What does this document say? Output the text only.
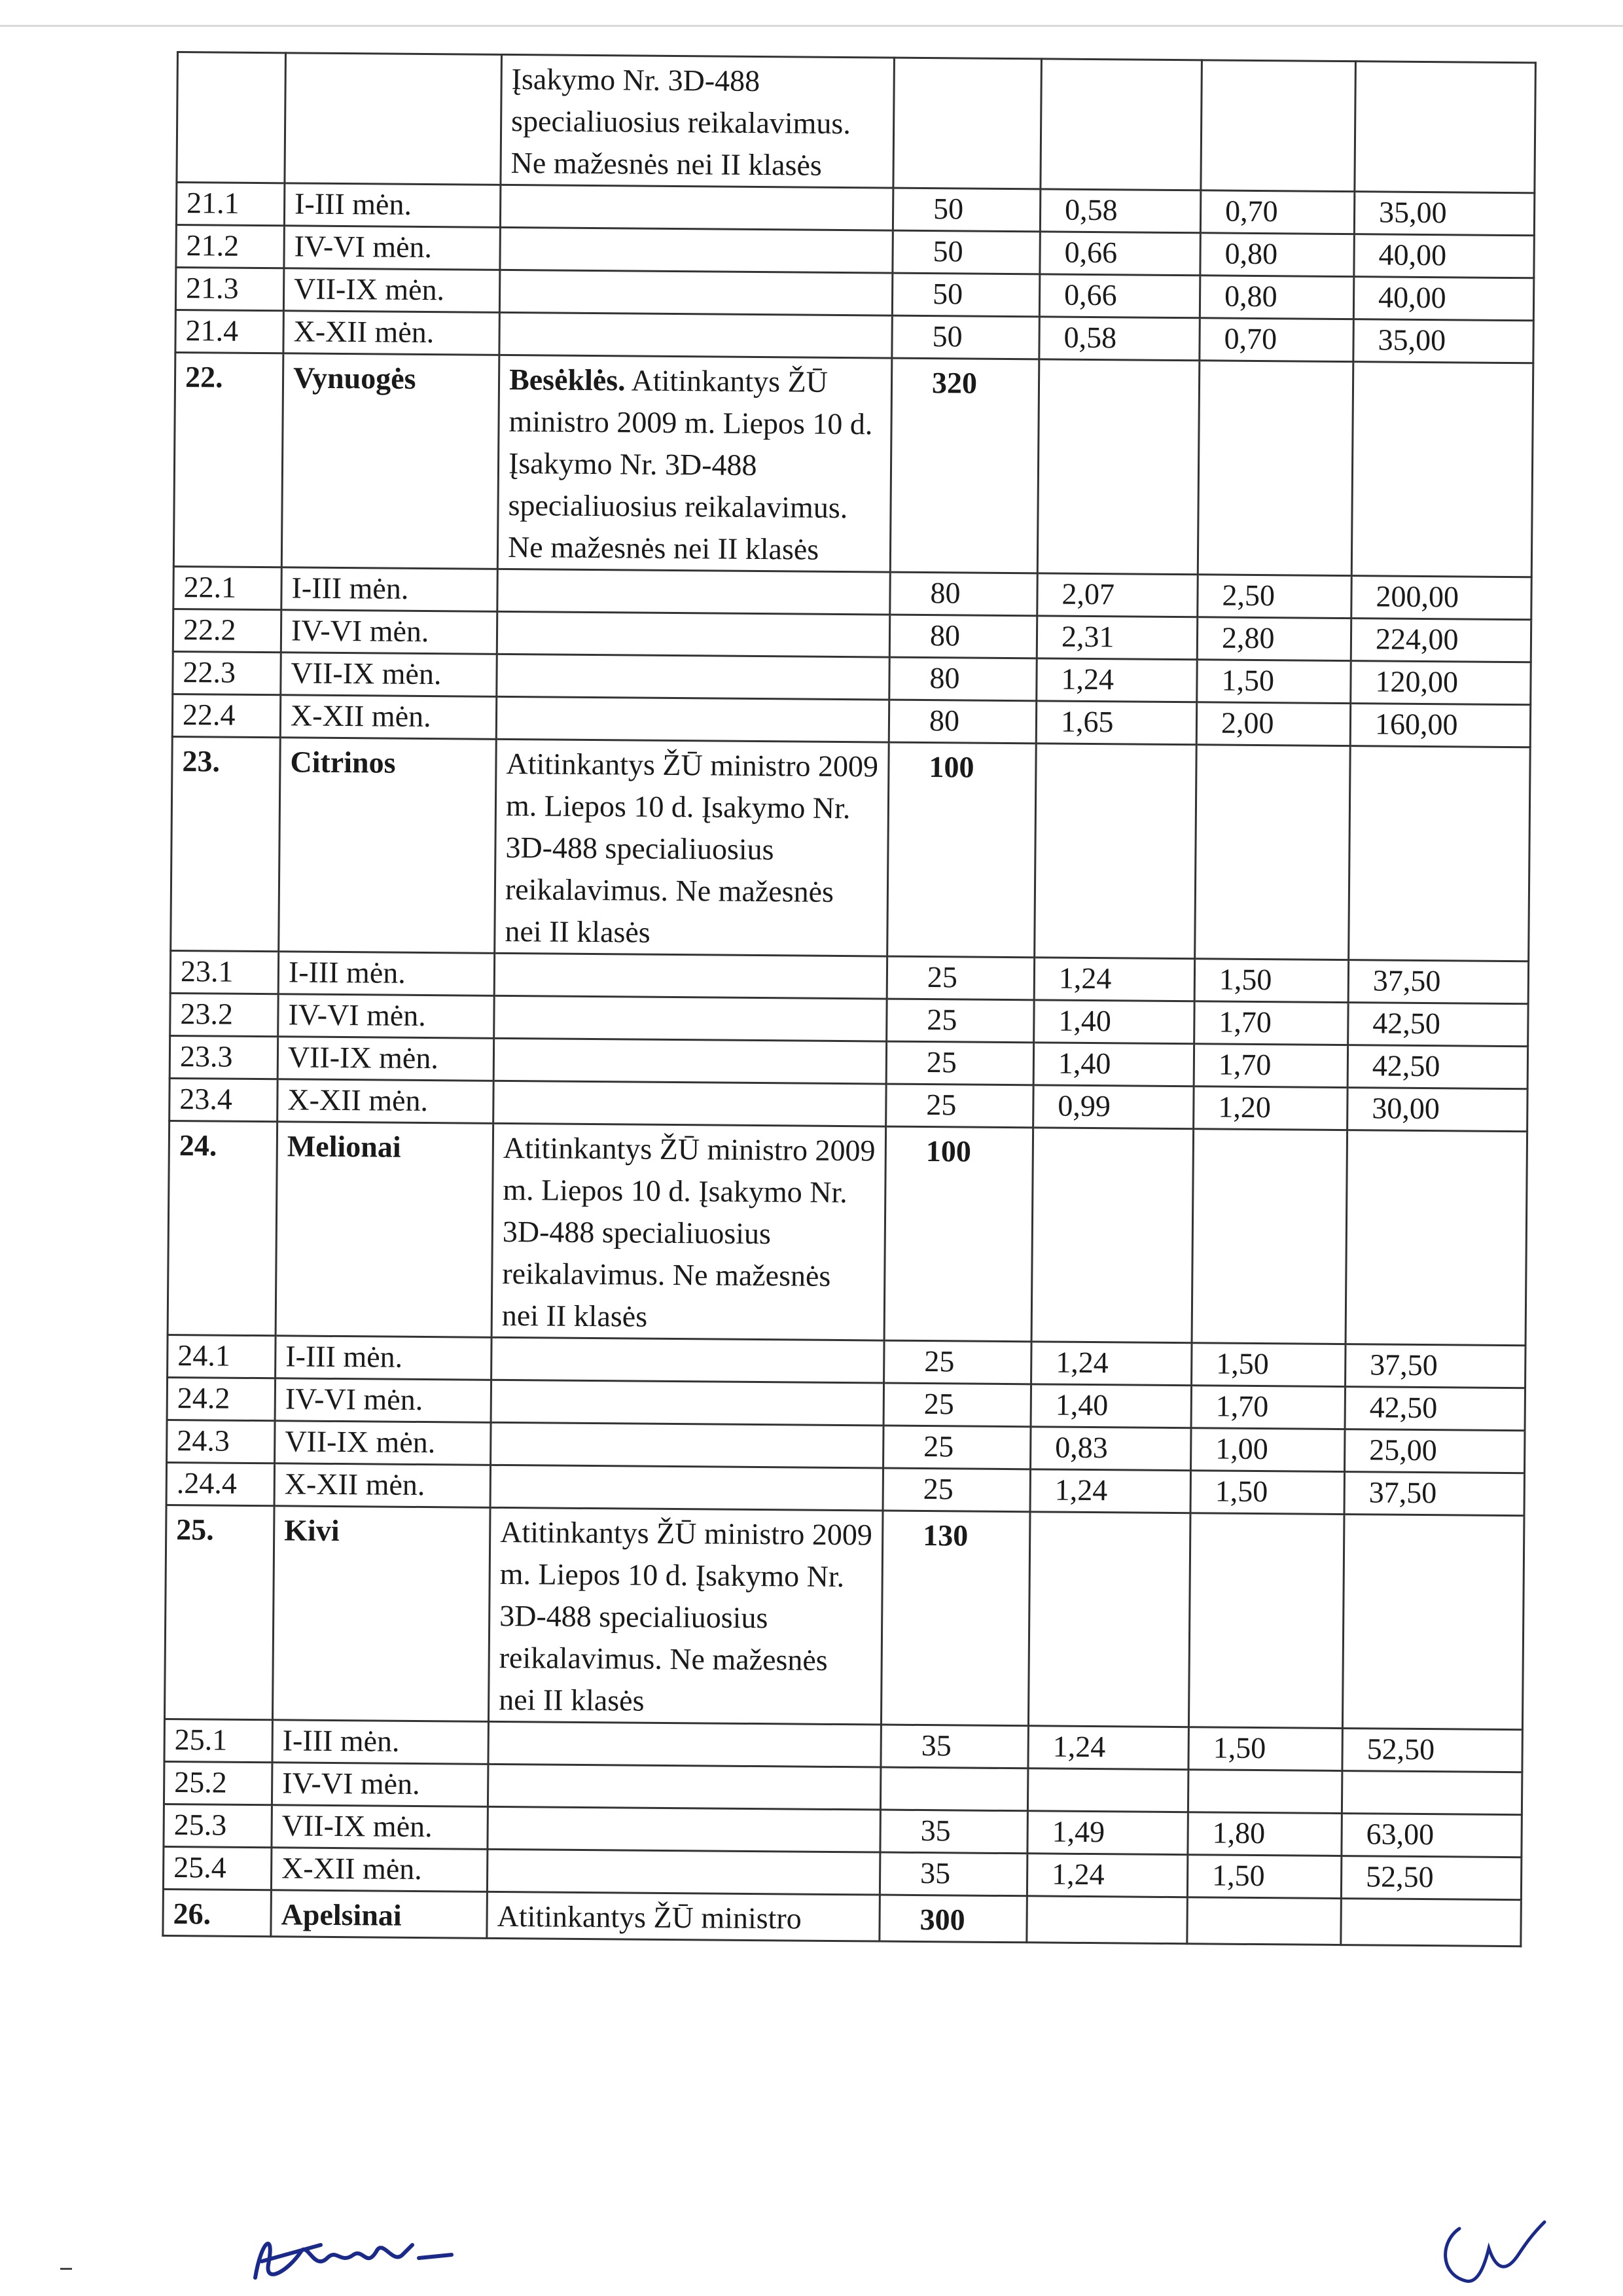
		Įsakymo Nr. 3D-488 specialiuosius reikalavimus. Ne mažesnės nei II klasės				
21.1	I-III mėn.		50	0,58	0,70	35,00
21.2	IV-VI mėn.		50	0,66	0,80	40,00
21.3	VII-IX mėn.		50	0,66	0,80	40,00
21.4	X-XII mėn.		50	0,58	0,70	35,00
22.	Vynuogės	Besėklės. Atitinkantys ŽŪ ministro 2009 m. Liepos 10 d. Įsakymo Nr. 3D-488 specialiuosius reikalavimus. Ne mažesnės nei II klasės	320			
22.1	I-III mėn.		80	2,07	2,50	200,00
22.2	IV-VI mėn.		80	2,31	2,80	224,00
22.3	VII-IX mėn.		80	1,24	1,50	120,00
22.4	X-XII mėn.		80	1,65	2,00	160,00
23.	Citrinos	Atitinkantys ŽŪ ministro 2009 m. Liepos 10 d. Įsakymo Nr. 3D-488 specialiuosius reikalavimus. Ne mažesnės nei II klasės	100			
23.1	I-III mėn.		25	1,24	1,50	37,50
23.2	IV-VI mėn.		25	1,40	1,70	42,50
23.3	VII-IX mėn.		25	1,40	1,70	42,50
23.4	X-XII mėn.		25	0,99	1,20	30,00
24.	Melionai	Atitinkantys ŽŪ ministro 2009 m. Liepos 10 d. Įsakymo Nr. 3D-488 specialiuosius reikalavimus. Ne mažesnės nei II klasės	100			
24.1	I-III mėn.		25	1,24	1,50	37,50
24.2	IV-VI mėn.		25	1,40	1,70	42,50
24.3	VII-IX mėn.		25	0,83	1,00	25,00
.24.4	X-XII mėn.		25	1,24	1,50	37,50
25.	Kivi	Atitinkantys ŽŪ ministro 2009 m. Liepos 10 d. Įsakymo Nr. 3D-488 specialiuosius reikalavimus. Ne mažesnės nei II klasės	130			
25.1	I-III mėn.		35	1,24	1,50	52,50
25.2	IV-VI mėn.					
25.3	VII-IX mėn.		35	1,49	1,80	63,00
25.4	X-XII mėn.		35	1,24	1,50	52,50
26.	Apelsinai	Atitinkantys ŽŪ ministro	300			
